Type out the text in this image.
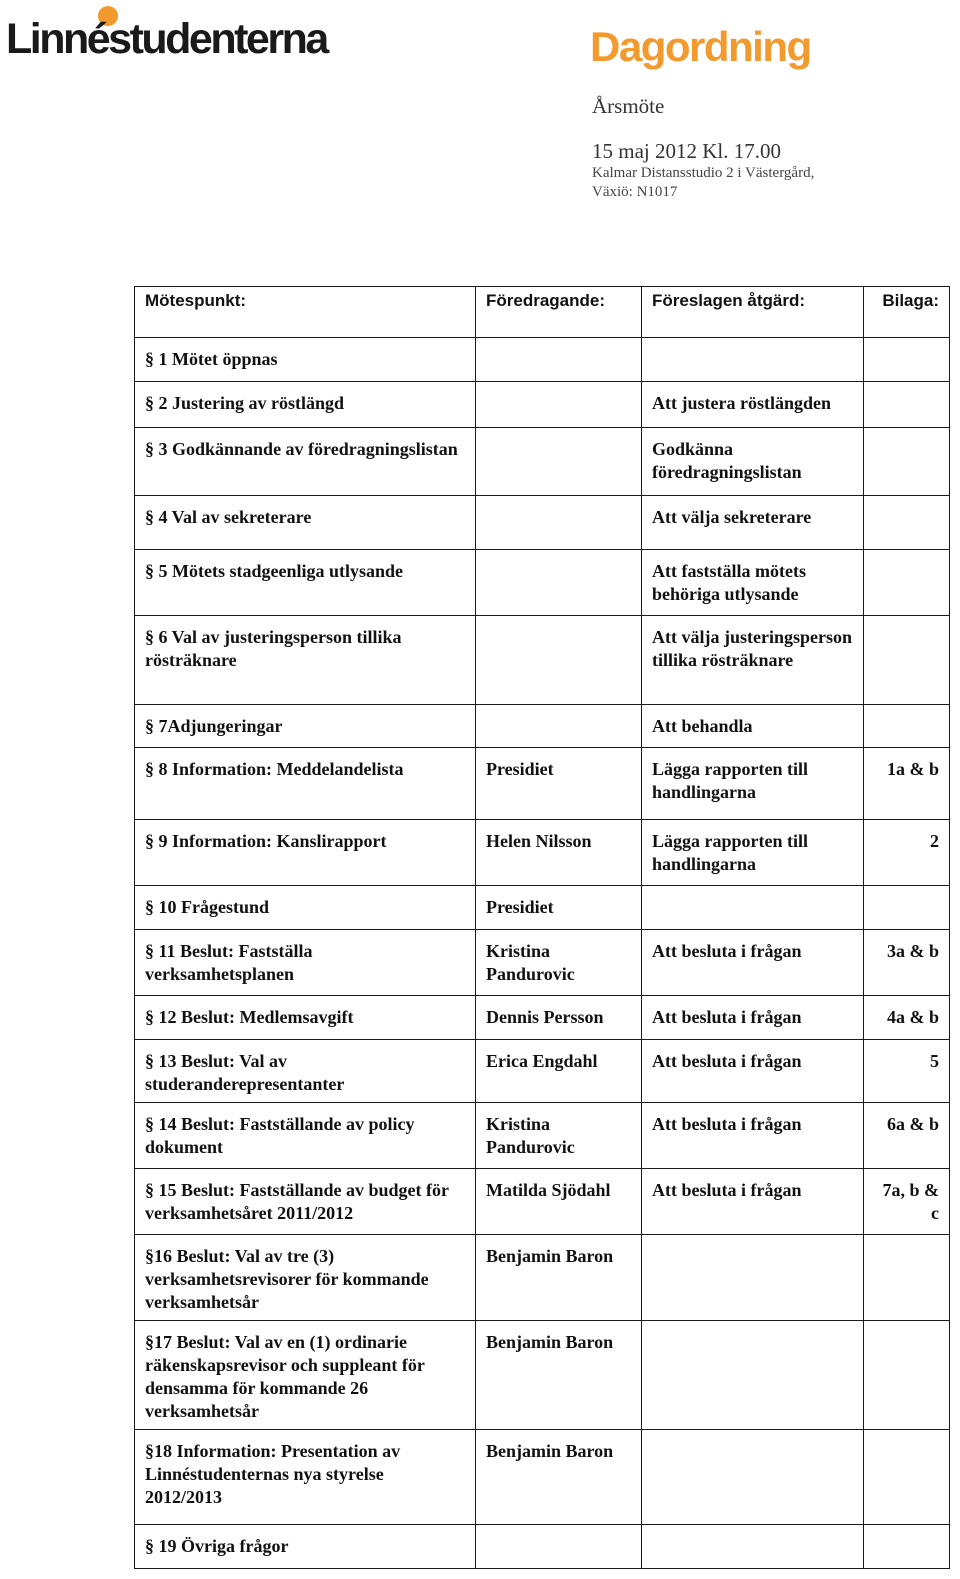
Linnéstudenterna	Dagordning
Årsmöte
15 maj 2012 Kl. 17.00
Kalmar Distansstudio 2 i Västergård,
Växiö: N1017
Mötespunkt:	Föredragande:	Föreslagen åtgärd:	Bilaga:
§ 1 Mötet öppnas			
§ 2 Justering av röstlängd		Att justera röstlängden	
§ 3 Godkännande av föredragningslistan		Godkänna föredragningslistan	
§ 4 Val av sekreterare		Att välja sekreterare	
§ 5 Mötets stadgeenliga utlysande		Att fastställa mötets behöriga utlysande	
§ 6 Val av justeringsperson tillika rösträknare		Att välja justeringsperson tillika rösträknare	
§ 7Adjungeringar		Att behandla	
§ 8 Information: Meddelandelista	Presidiet	Lägga rapporten till handlingarna	1a & b
§ 9 Information: Kanslirapport	Helen Nilsson	Lägga rapporten till handlingarna	2
§ 10 Frågestund	Presidiet		
§ 11 Beslut: Fastställa verksamhetsplanen	Kristina Pandurovic	Att besluta i frågan	3a & b
§ 12 Beslut: Medlemsavgift	Dennis Persson	Att besluta i frågan	4a & b
§ 13 Beslut: Val av studeranderepresentanter	Erica Engdahl	Att besluta i frågan	5
§ 14 Beslut: Fastställande av policy dokument	Kristina Pandurovic	Att besluta i frågan	6a & b
§ 15 Beslut: Fastställande av budget för verksamhetsåret 2011/2012	Matilda Sjödahl	Att besluta i frågan	7a, b & c
§16 Beslut: Val av tre (3) verksamhetsrevisorer för kommande verksamhetsår	Benjamin Baron		
§17 Beslut: Val av en (1) ordinarie räkenskapsrevisor och suppleant för densamma för kommande 26 verksamhetsår	Benjamin Baron		
§18 Information: Presentation av Linnéstudenternas nya styrelse 2012/2013	Benjamin Baron		
§ 19 Övriga frågor			
